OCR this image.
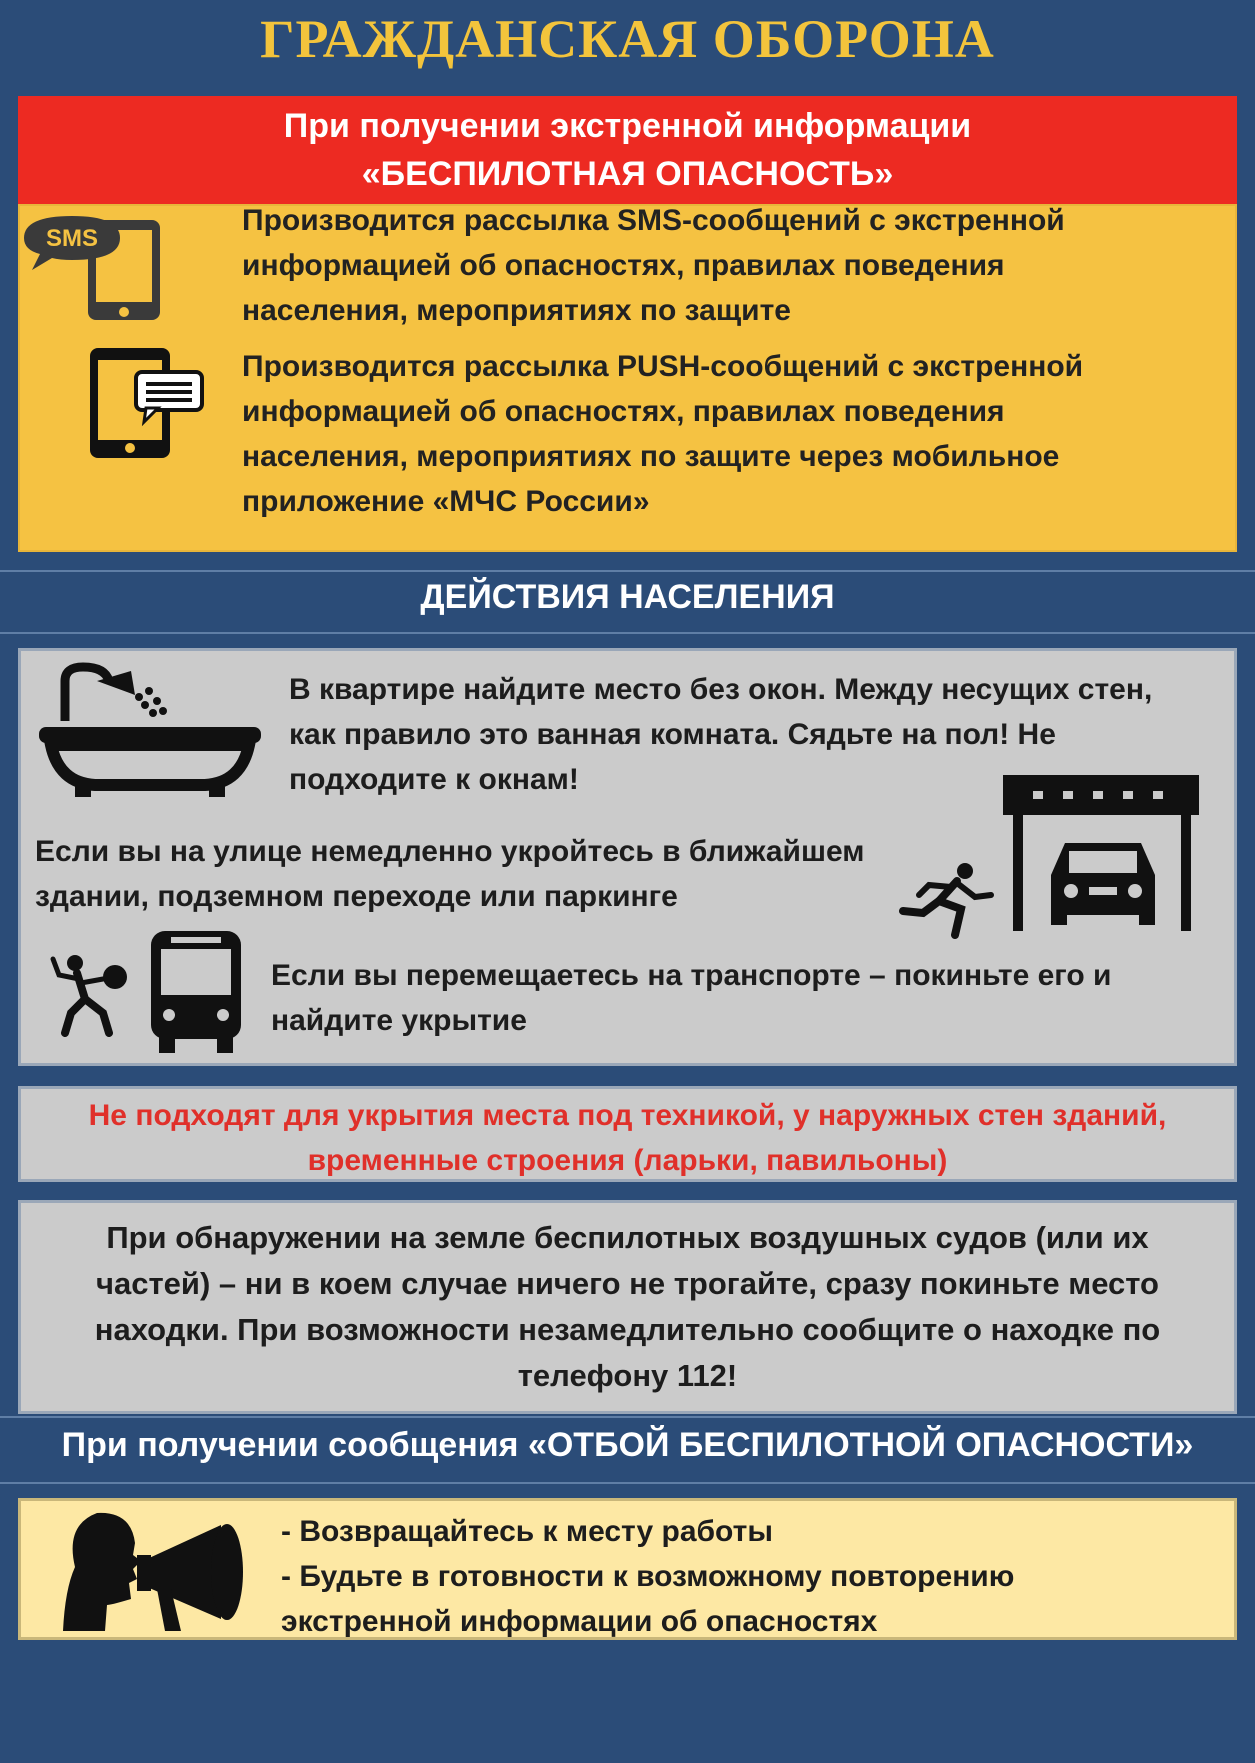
ГРАЖДАНСКАЯ ОБОРОНА
При получении экстренной информации
«БЕСПИЛОТНАЯ ОПАСНОСТЬ»
SMS
Производится рассылка SMS-сообщений с экстренной
информацией об опасностях, правилах поведения
населения, мероприятиях по защите
Производится рассылка PUSH-сообщений с экстренной
информацией об опасностях, правилах поведения
населения, мероприятиях по защите через мобильное
приложение «МЧС России»
ДЕЙСТВИЯ НАСЕЛЕНИЯ
В квартире найдите место без окон. Между несущих стен,
как правило это ванная комната. Сядьте на пол! Не
подходите к окнам!
Если вы на улице немедленно укройтесь в ближайшем
здании, подземном переходе или паркинге
Если вы перемещаетесь на транспорте – покиньте его и
найдите укрытие
Не подходят для укрытия места под техникой, у наружных стен зданий,
временные строения (ларьки, павильоны)
При обнаружении на земле беспилотных воздушных судов (или их
частей) – ни в коем случае ничего не трогайте, сразу покиньте место
находки. При возможности незамедлительно сообщите о находке по
телефону 112!
При получении сообщения «ОТБОЙ БЕСПИЛОТНОЙ ОПАСНОСТИ»
- Возвращайтесь к месту работы
- Будьте в готовности к возможному повторению
экстренной информации об опасностях
